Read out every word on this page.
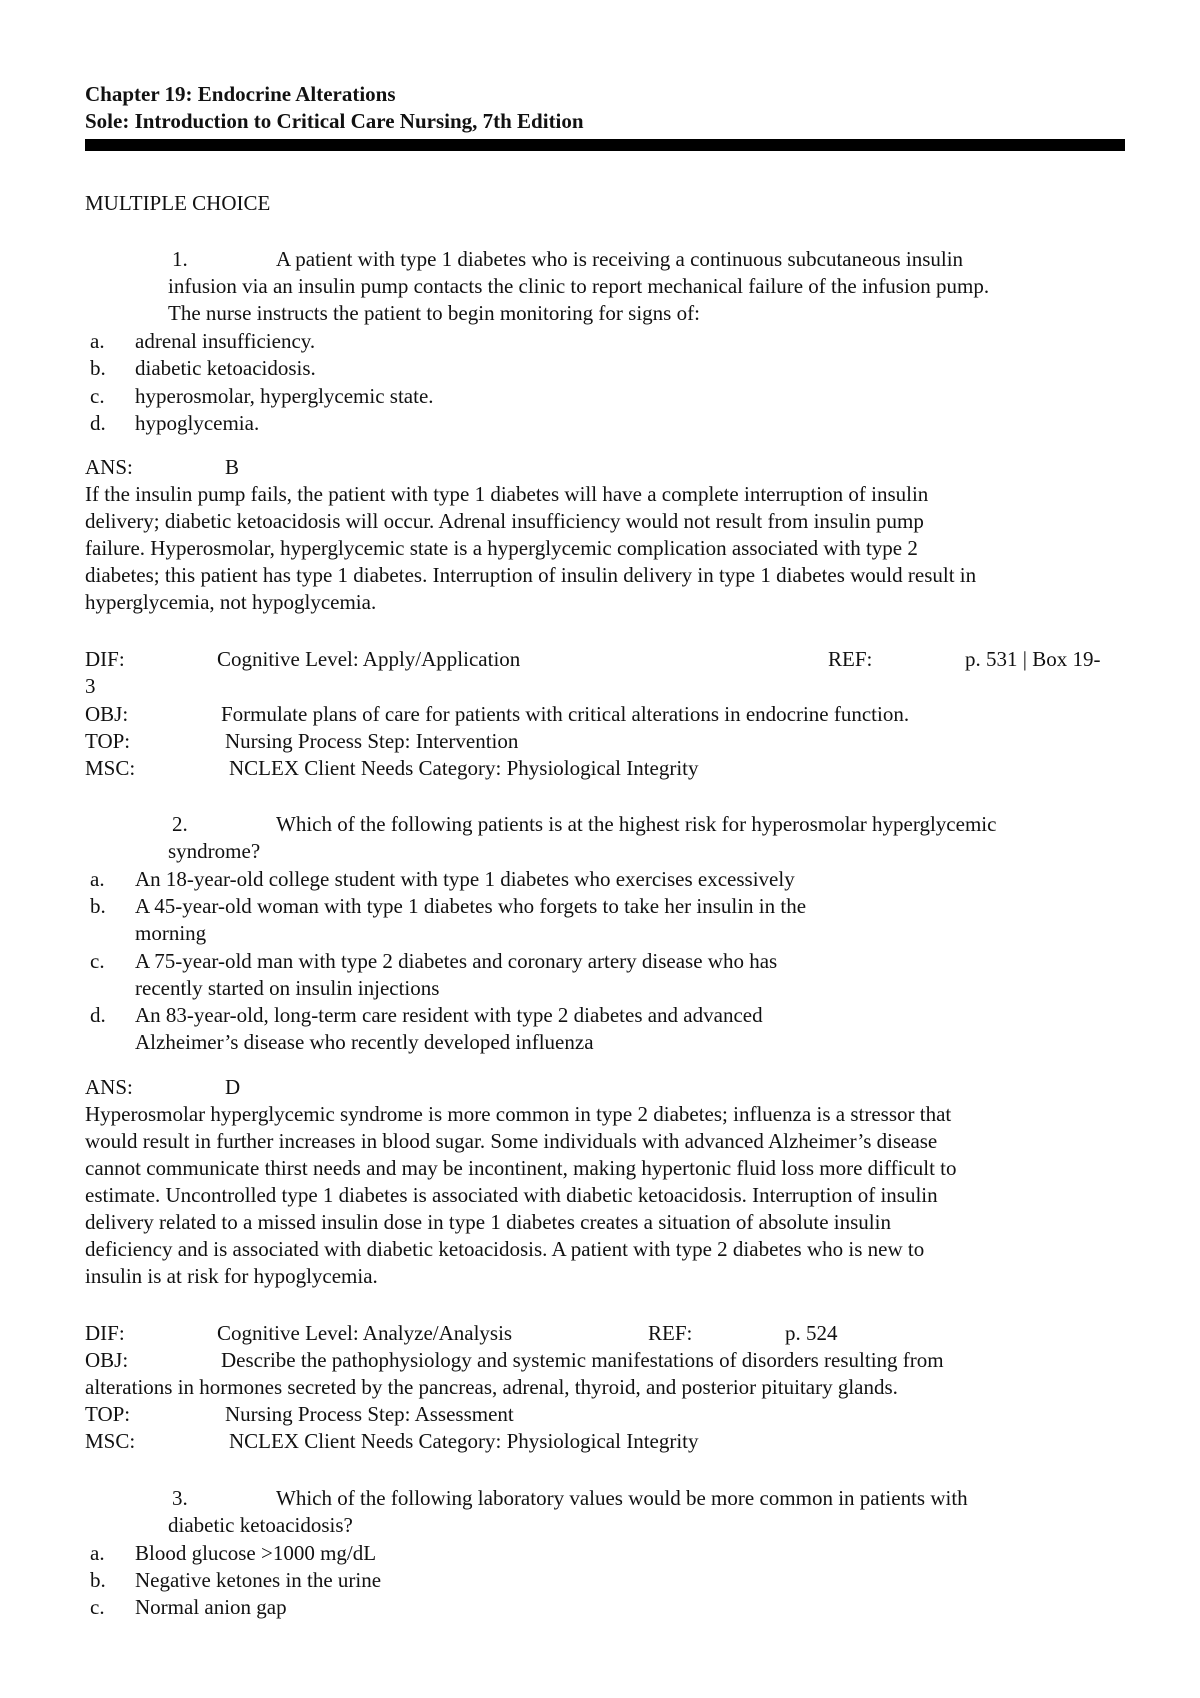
Chapter 19: Endocrine Alterations
Sole: Introduction to Critical Care Nursing, 7th Edition
MULTIPLE CHOICE
1.	A patient with type 1 diabetes who is receiving a continuous subcutaneous insulin
infusion via an insulin pump contacts the clinic to report mechanical failure of the infusion pump.
The nurse instructs the patient to begin monitoring for signs of:
a. adrenal insufficiency.
b. diabetic ketoacidosis.
c. hyperosmolar, hyperglycemic state.
d. hypoglycemia.
ANS:	B
If the insulin pump fails, the patient with type 1 diabetes will have a complete interruption of insulin
delivery; diabetic ketoacidosis will occur. Adrenal insufficiency would not result from insulin pump
failure. Hyperosmolar, hyperglycemic state is a hyperglycemic complication associated with type 2
diabetes; this patient has type 1 diabetes. Interruption of insulin delivery in type 1 diabetes would result in
hyperglycemia, not hypoglycemia.
DIF:	Cognitive Level: Apply/Application	REF:	p. 531 | Box 19-
3
OBJ:	Formulate plans of care for patients with critical alterations in endocrine function.
TOP:	Nursing Process Step: Intervention
MSC:	NCLEX Client Needs Category: Physiological Integrity
2.	Which of the following patients is at the highest risk for hyperosmolar hyperglycemic
syndrome?
a. An 18-year-old college student with type 1 diabetes who exercises excessively
b. A 45-year-old woman with type 1 diabetes who forgets to take her insulin in the
morning
c. A 75-year-old man with type 2 diabetes and coronary artery disease who has
recently started on insulin injections
d. An 83-year-old, long-term care resident with type 2 diabetes and advanced
Alzheimer’s disease who recently developed influenza
ANS:	D
Hyperosmolar hyperglycemic syndrome is more common in type 2 diabetes; influenza is a stressor that
would result in further increases in blood sugar. Some individuals with advanced Alzheimer’s disease
cannot communicate thirst needs and may be incontinent, making hypertonic fluid loss more difficult to
estimate. Uncontrolled type 1 diabetes is associated with diabetic ketoacidosis. Interruption of insulin
delivery related to a missed insulin dose in type 1 diabetes creates a situation of absolute insulin
deficiency and is associated with diabetic ketoacidosis. A patient with type 2 diabetes who is new to
insulin is at risk for hypoglycemia.
DIF:	Cognitive Level: Analyze/Analysis	REF:	p. 524
OBJ:	Describe the pathophysiology and systemic manifestations of disorders resulting from
alterations in hormones secreted by the pancreas, adrenal, thyroid, and posterior pituitary glands.
TOP:	Nursing Process Step: Assessment
MSC:	NCLEX Client Needs Category: Physiological Integrity
3.	Which of the following laboratory values would be more common in patients with
diabetic ketoacidosis?
a. Blood glucose >1000 mg/dL
b. Negative ketones in the urine
c. Normal anion gap
